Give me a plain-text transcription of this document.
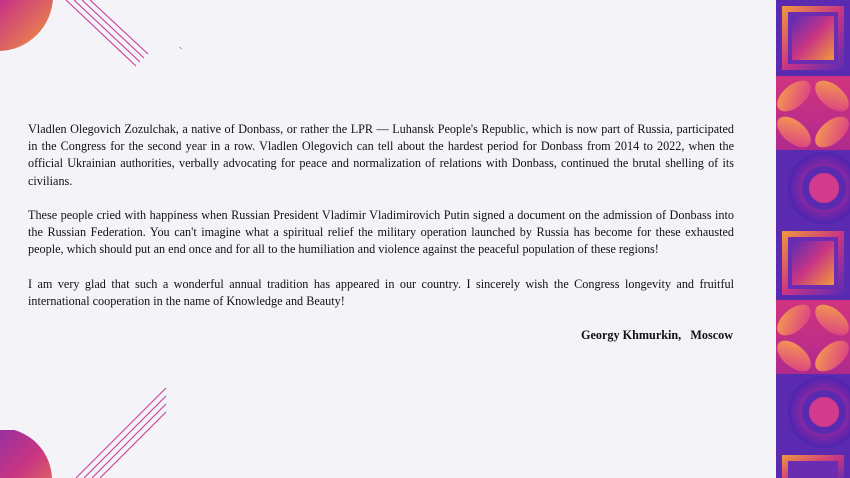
Vladlen Olegovich Zozulchak, a native of Donbass, or rather the LPR — Luhansk People's Republic, which is now part of Russia, participated in the Congress for the second year in a row. Vladlen Olegovich can tell about the hardest period for Donbass from 2014 to 2022, when the official Ukrainian authorities, verbally advocating for peace and normalization of relations with Donbass, continued the brutal shelling of its civilians.

These people cried with happiness when Russian President Vladimir Vladimirovich Putin signed a document on the admission of Donbass into the Russian Federation. You can't imagine what a spiritual relief the military operation launched by Russia has become for these exhausted people, which should put an end once and for all to the humiliation and violence against the peaceful population of these regions!

I am very glad that such a wonderful annual tradition has appeared in our country. I sincerely wish the Congress longevity and fruitful international cooperation in the name of Knowledge and Beauty!

Georgy Khmurkin,   Moscow
